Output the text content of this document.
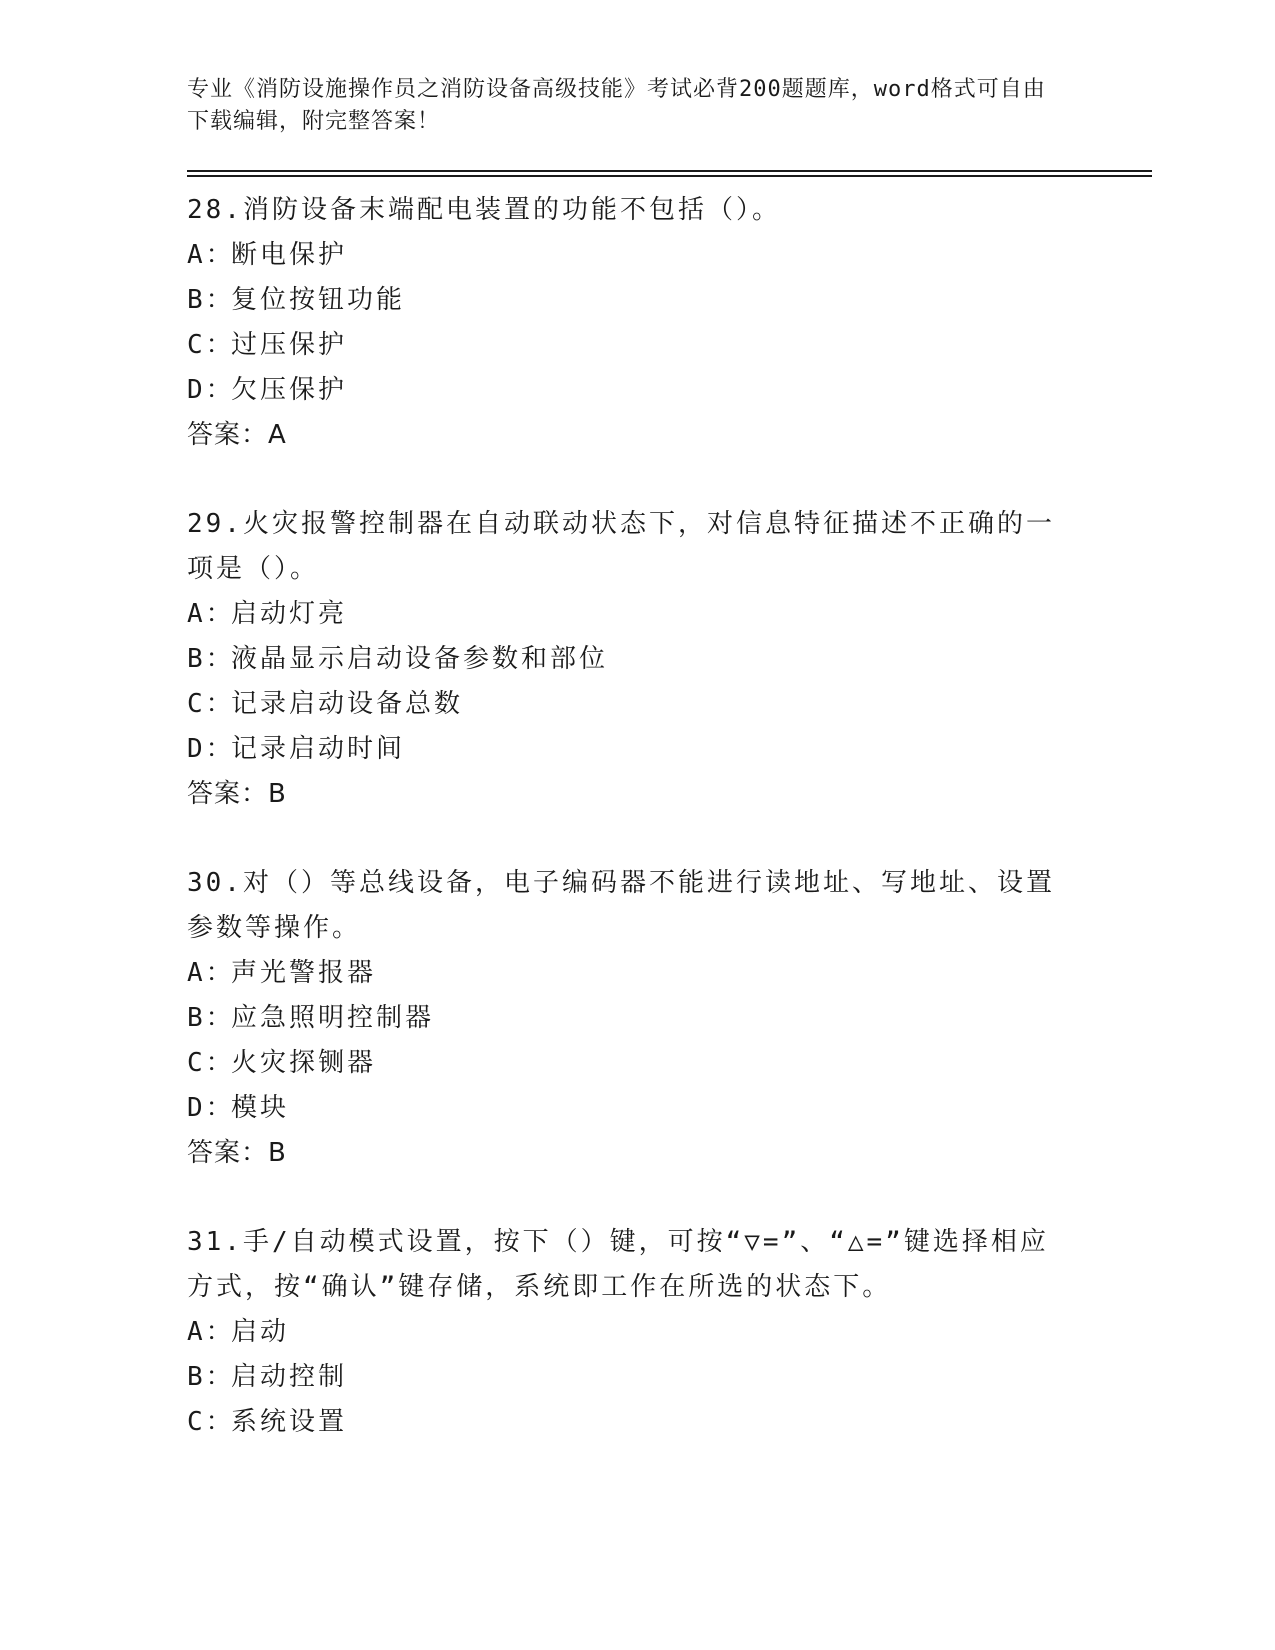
专业《消防设施操作员之消防设备高级技能》考试必背200题题库，word格式可自由下载编辑，附完整答案！
28.消防设备末端配电装置的功能不包括（）。
A：断电保护
B：复位按钮功能
C：过压保护
D：欠压保护
答案：A
29.火灾报警控制器在自动联动状态下，对信息特征描述不正确的一项是（）。
A：启动灯亮
B：液晶显示启动设备参数和部位
C：记录启动设备总数
D：记录启动时间
答案：B
30.对（）等总线设备，电子编码器不能进行读地址、写地址、设置参数等操作。
A：声光警报器
B：应急照明控制器
C：火灾探铡器
D：模块
答案：B
31.手/自动模式设置，按下（）键，可按“▽=”、“△=”键选择相应方式，按“确认”键存储，系统即工作在所选的状态下。
A：启动
B：启动控制
C：系统设置
